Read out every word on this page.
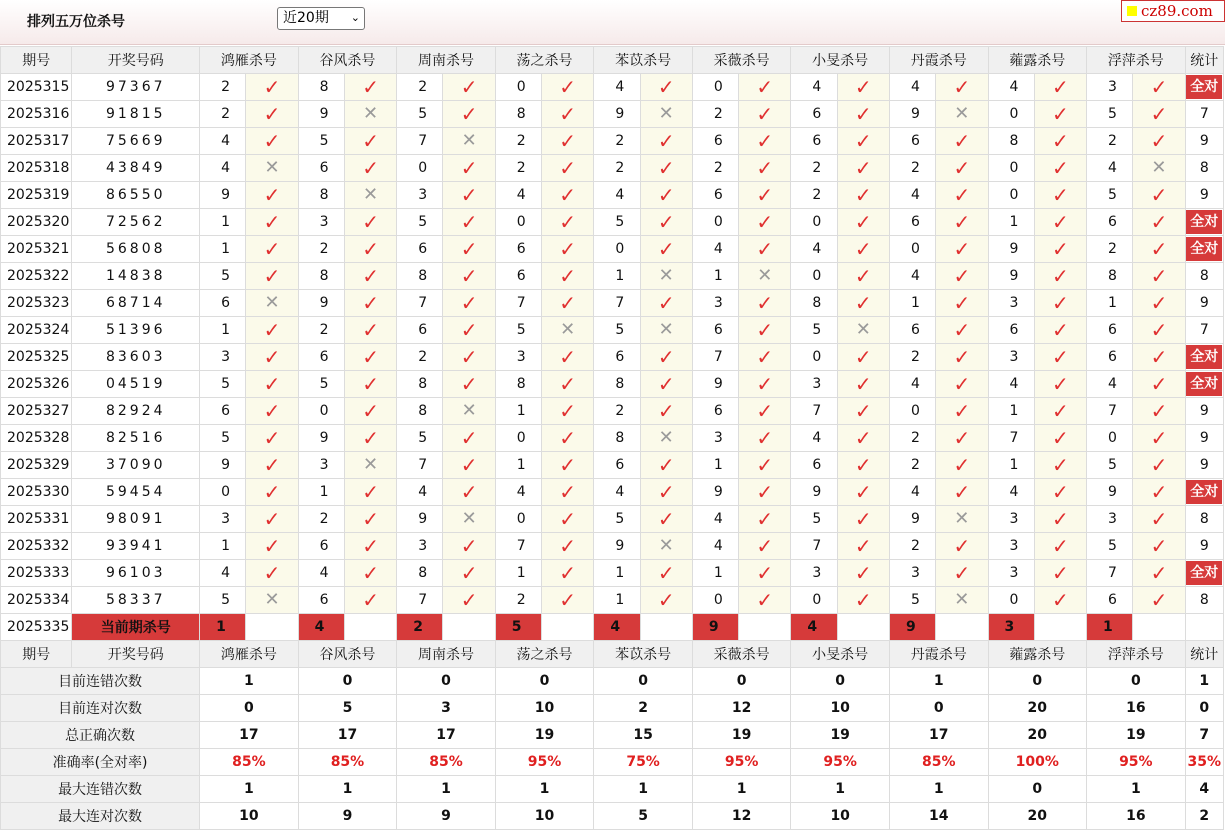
排列五万位杀号	近20期 ⌄	cz89.com
期号	开奖号码	鸿雁杀号		谷风杀号		周南杀号		荡之杀号		苯苡杀号		采薇杀号		小旻杀号		丹霞杀号		蕹露杀号		浮萍杀号		统计
2025315	97367	2	✓	8	✓	2	✓	0	✓	4	✓	0	✓	4	✓	4	✓	4	✓	3	✓	全对
2025316	91815	2	✓	9	✕	5	✓	8	✓	9	✕	2	✓	6	✓	9	✕	0	✓	5	✓	7
2025317	75669	4	✓	5	✓	7	✕	2	✓	2	✓	6	✓	6	✓	6	✓	8	✓	2	✓	9
2025318	43849	4	✕	6	✓	0	✓	2	✓	2	✓	2	✓	2	✓	2	✓	0	✓	4	✕	8
2025319	86550	9	✓	8	✕	3	✓	4	✓	4	✓	6	✓	2	✓	4	✓	0	✓	5	✓	9
2025320	72562	1	✓	3	✓	5	✓	0	✓	5	✓	0	✓	0	✓	6	✓	1	✓	6	✓	全对
2025321	56808	1	✓	2	✓	6	✓	6	✓	0	✓	4	✓	4	✓	0	✓	9	✓	2	✓	全对
2025322	14838	5	✓	8	✓	8	✓	6	✓	1	✕	1	✕	0	✓	4	✓	9	✓	8	✓	8
2025323	68714	6	✕	9	✓	7	✓	7	✓	7	✓	3	✓	8	✓	1	✓	3	✓	1	✓	9
2025324	51396	1	✓	2	✓	6	✓	5	✕	5	✕	6	✓	5	✕	6	✓	6	✓	6	✓	7
2025325	83603	3	✓	6	✓	2	✓	3	✓	6	✓	7	✓	0	✓	2	✓	3	✓	6	✓	全对
2025326	04519	5	✓	5	✓	8	✓	8	✓	8	✓	9	✓	3	✓	4	✓	4	✓	4	✓	全对
2025327	82924	6	✓	0	✓	8	✕	1	✓	2	✓	6	✓	7	✓	0	✓	1	✓	7	✓	9
2025328	82516	5	✓	9	✓	5	✓	0	✓	8	✕	3	✓	4	✓	2	✓	7	✓	0	✓	9
2025329	37090	9	✓	3	✕	7	✓	1	✓	6	✓	1	✓	6	✓	2	✓	1	✓	5	✓	9
2025330	59454	0	✓	1	✓	4	✓	4	✓	4	✓	9	✓	9	✓	4	✓	4	✓	9	✓	全对
2025331	98091	3	✓	2	✓	9	✕	0	✓	5	✓	4	✓	5	✓	9	✕	3	✓	3	✓	8
2025332	93941	1	✓	6	✓	3	✓	7	✓	9	✕	4	✓	7	✓	2	✓	3	✓	5	✓	9
2025333	96103	4	✓	4	✓	8	✓	1	✓	1	✓	1	✓	3	✓	3	✓	3	✓	7	✓	全对
2025334	58337	5	✕	6	✓	7	✓	2	✓	1	✓	0	✓	0	✓	5	✕	0	✓	6	✓	8
2025335	当前期杀号	1		4		2		5		4		9		4		9		3		1		
期号	开奖号码	鸿雁杀号		谷风杀号		周南杀号		荡之杀号		苯苡杀号		采薇杀号		小旻杀号		丹霞杀号		蕹露杀号		浮萍杀号		统计
目前连错次数		1		0		0		0		0		0		0		1		0		0		1
目前连对次数		0		5		3		10		2		12		10		0		20		16		0
总正确次数		17		17		17		19		15		19		19		17		20		19		7
准确率(全对率)		85%		85%		85%		95%		75%		95%		95%		85%		100%		95%		35%
最大连错次数		1		1		1		1		1		1		1		1		0		1		4
最大连对次数		10		9		9		10		5		12		10		14		20		16		2
